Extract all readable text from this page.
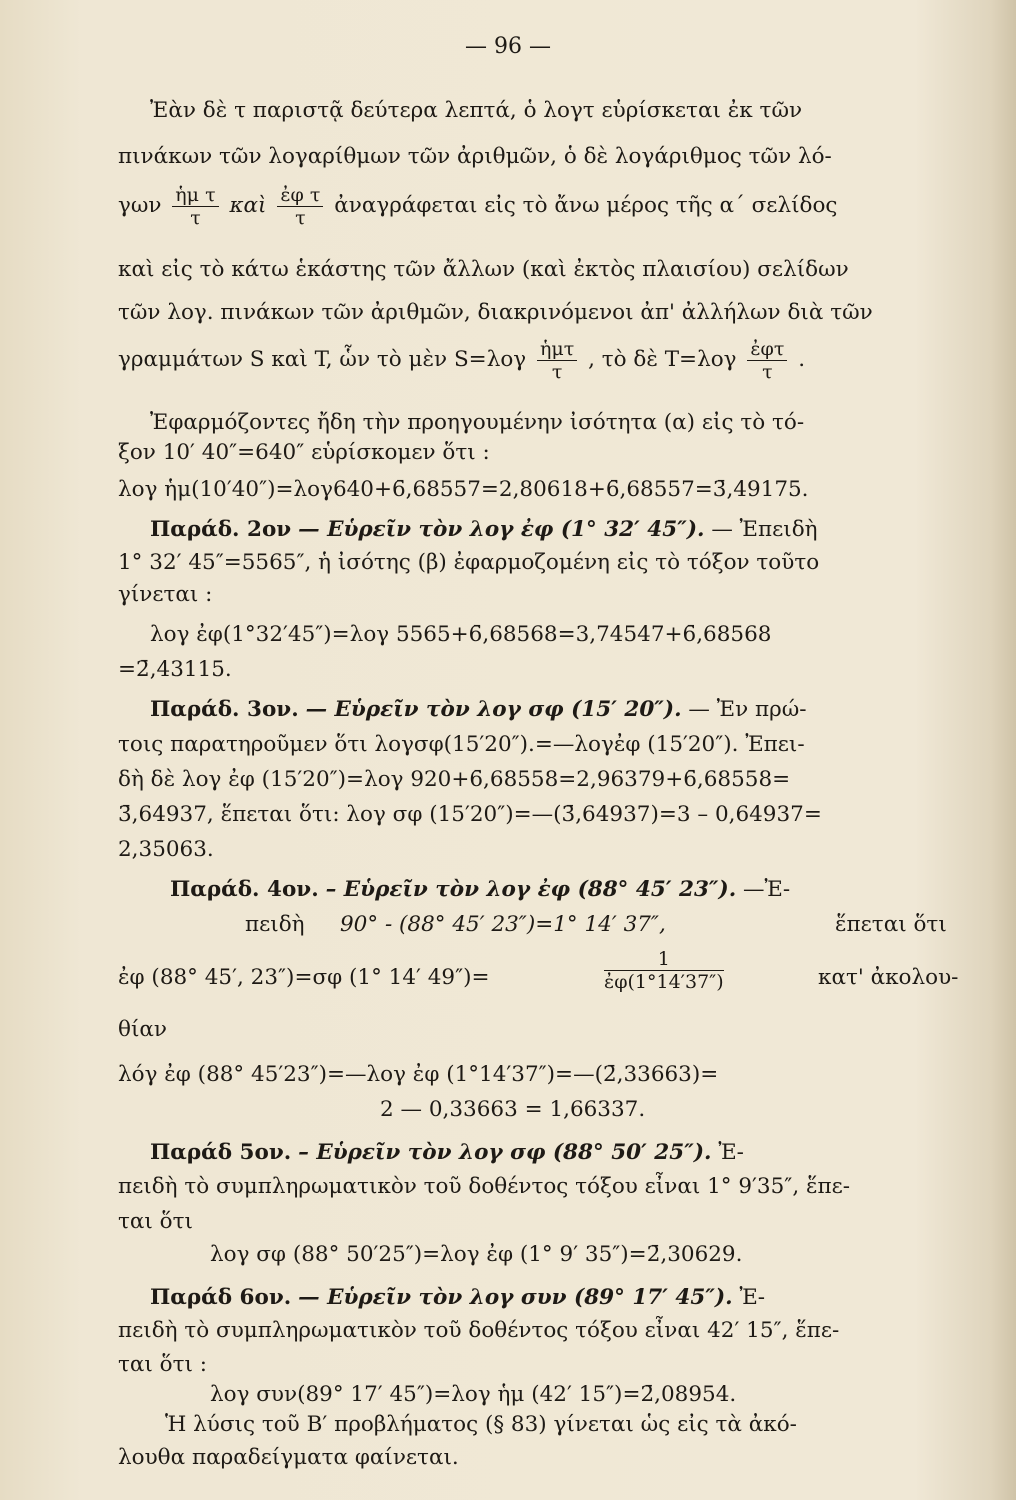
— 96 —
Ἐὰν δὲ τ παριστᾷ δεύτερα λεπτά, ὁ λογτ εὑρίσκεται ἐκ τῶν
πινάκων τῶν λογαρίθμων τῶν ἀριθμῶν, ὁ δὲ λογάριθμος τῶν λό-
γων $\frac{\text{ἡμ τ}}{\tau}$ καὶ $\frac{\text{ἐφ τ}}{\tau}$ ἀναγράφεται εἰς τὸ ἄνω μέρος τῆς α΄ σελίδος
καὶ εἰς τὸ κάτω ἑκάστης τῶν ἄλλων (καὶ ἐκτὸς πλαισίου) σελίδων
τῶν λογ. πινάκων τῶν ἀριθμῶν, διακρινόμενοι ἀπ' ἀλλήλων διὰ τῶν
γραμμάτων S καὶ T, ὧν τὸ μὲν $S=\lambda o\gamma \frac{\text{ἡμτ}}{\tau}$ , τὸ δὲ $T=\lambda o\gamma \frac{\text{ἐφτ}}{\tau}$ .
Ἐφαρμόζοντες ἤδη τὴν προηγουμένην ἰσότητα (α) εἰς τὸ τό-
ξον 10′ 40″=640″ εὑρίσκομεν ὅτι :
λογ ἡμ(10′40″)=λογ640+6̄,68557=2,80618+6̄,68557=3̄,49175.
Παράδ. 2ον — Εὑρεῖν τὸν λογ ἐφ (1° 32′ 45″). — Ἐπειδὴ
1° 32′ 45″=5565″, ἡ ἰσότης (β) ἐφαρμοζομένη εἰς τὸ τόξον τοῦτο
γίνεται :
λογ ἐφ(1°32′45″)=λογ 5565+6̄,68568=3,74547+6̄,68568
=2̄,43115.
Παράδ. 3ον. — Εὑρεῖν τὸν λογ σφ (15′ 20″). — Ἐν πρώ-
τοις παρατηροῦμεν ὅτι λογσφ(15′20″).=—λογἐφ (15′20″). Ἐπει-
δὴ δὲ λογ ἐφ (15′20″)=λογ 920+6̄,68558=2,96379+6̄,68558=
3̄,64937, ἕπεται ὅτι: λογ σφ (15′20″)=—(3̄,64937)=3 – 0,64937=
2,35063.
Παράδ. 4ον. – Εὑρεῖν τὸν λογ ἐφ (88° 45′ 23″). —Ἐ-
πειδὴ 90° - (88° 45′ 23″)=1° 14′ 37″,	ἕπεται ὅτι
ἐφ (88° 45′, 23″)=σφ (1° 14′ 49″)=	$\frac{1}{\text{ἐφ(1°14′37″)}}$	κατ' ἀκολου-
θίαν
λόγ ἐφ (88° 45′23″)=—λογ ἐφ (1°14′37″)=—(2̄,33663)=
2 — 0,33663 = 1,66337.
Παράδ 5ον. – Εὑρεῖν τὸν λογ σφ (88° 50′ 25″). Ἐ-
πειδὴ τὸ συμπληρωματικὸν τοῦ δοθέντος τόξου εἶναι 1° 9′35″, ἕπε-
ται ὅτι
λογ σφ (88° 50′25″)=λογ ἐφ (1° 9′ 35″)=2̄,30629.
Παράδ 6ον. — Εὑρεῖν τὸν λογ συν (89° 17′ 45″). Ἐ-
πειδὴ τὸ συμπληρωματικὸν τοῦ δοθέντος τόξου εἶναι 42′ 15″, ἕπε-
ται ὅτι :
λογ συν(89° 17′ 45″)=λογ ἡμ (42′ 15″)=2̄,08954.
Ἡ λύσις τοῦ B′ προβλήματος (§ 83) γίνεται ὡς εἰς τὰ ἀκό-
λουθα παραδείγματα φαίνεται.
